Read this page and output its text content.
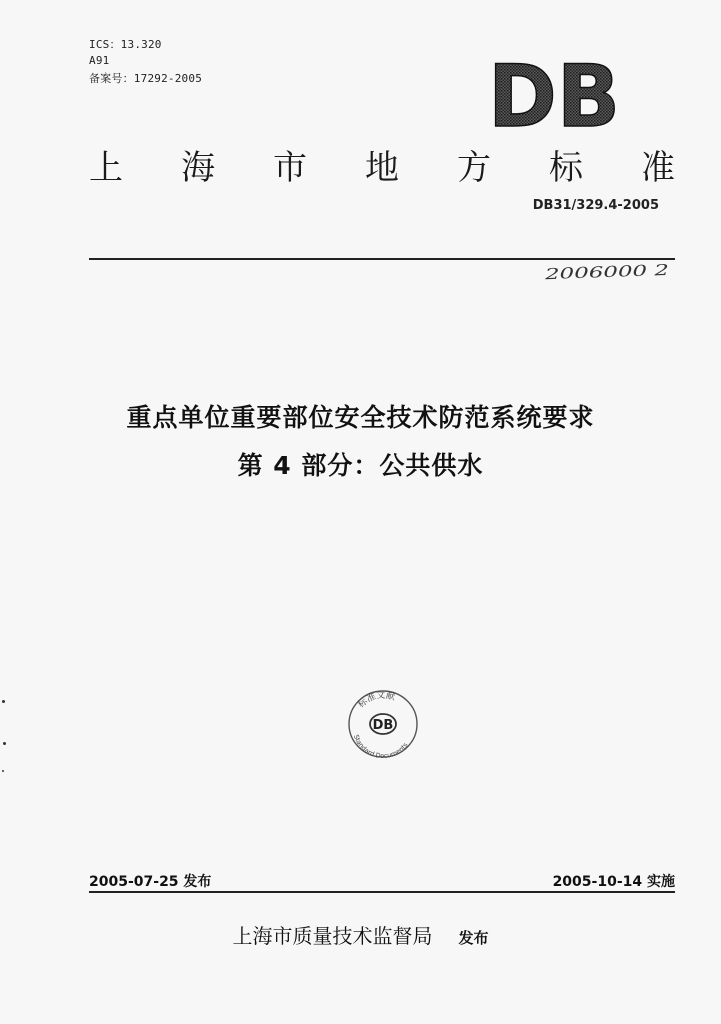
ICS：13.320
A91
备案号：17292-2005	DB
上 海 市 地 方 标 准
DB31/329.4-2005
2006000 2
重点单位重要部位安全技术防范系统要求
第 4 部分：公共供水
标准文献
DB
Standard Documents
2005-07-25 发布	2005-10-14 实施
上海市质量技术监督局 发布
